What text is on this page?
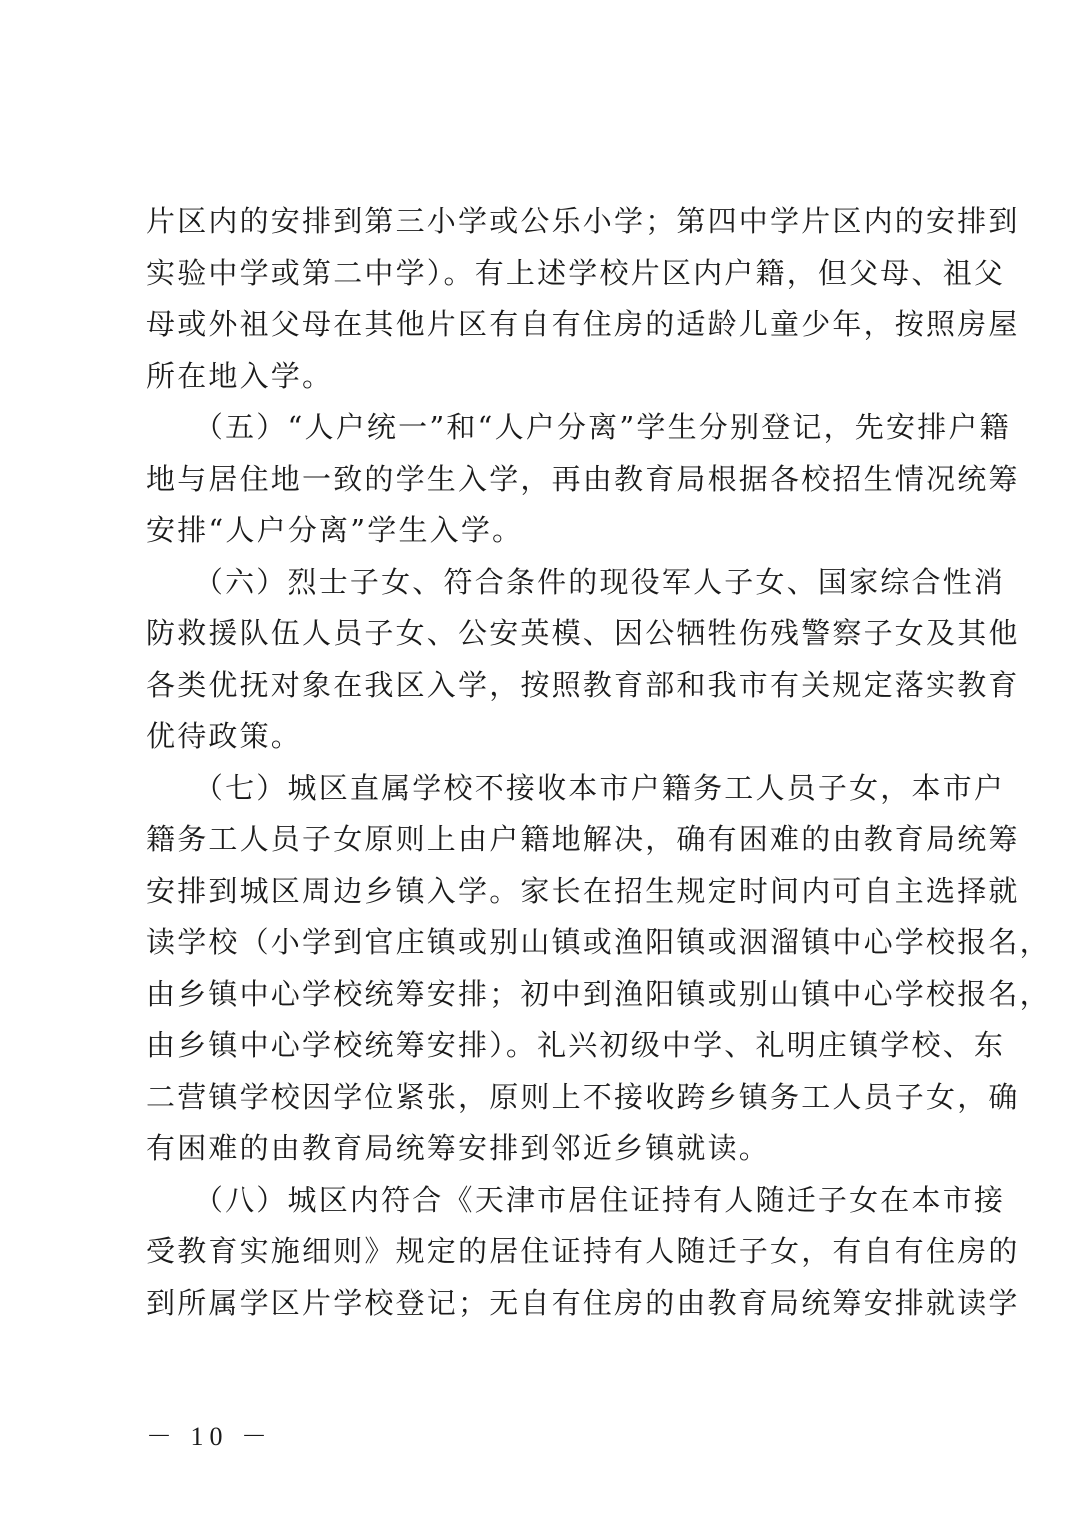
片区内的安排到第三小学或公乐小学；第四中学片区内的安排到
实验中学或第二中学）。有上述学校片区内户籍，但父母、祖父
母或外祖父母在其他片区有自有住房的适龄儿童少年，按照房屋
所在地入学。
　　（五）“人户统一”和“人户分离”学生分别登记，先安排户籍
地与居住地一致的学生入学，再由教育局根据各校招生情况统筹
安排“人户分离”学生入学。
　　（六）烈士子女、符合条件的现役军人子女、国家综合性消
防救援队伍人员子女、公安英模、因公牺牲伤残警察子女及其他
各类优抚对象在我区入学，按照教育部和我市有关规定落实教育
优待政策。
　　（七）城区直属学校不接收本市户籍务工人员子女，本市户
籍务工人员子女原则上由户籍地解决，确有困难的由教育局统筹
安排到城区周边乡镇入学。家长在招生规定时间内可自主选择就
读学校（小学到官庄镇或别山镇或渔阳镇或洇溜镇中心学校报名，
由乡镇中心学校统筹安排；初中到渔阳镇或别山镇中心学校报名，
由乡镇中心学校统筹安排）。礼兴初级中学、礼明庄镇学校、东
二营镇学校因学位紧张，原则上不接收跨乡镇务工人员子女，确
有困难的由教育局统筹安排到邻近乡镇就读。
　　（八）城区内符合《天津市居住证持有人随迁子女在本市接
受教育实施细则》规定的居住证持有人随迁子女，有自有住房的
到所属学区片学校登记；无自有住房的由教育局统筹安排就读学
－ 10 －
